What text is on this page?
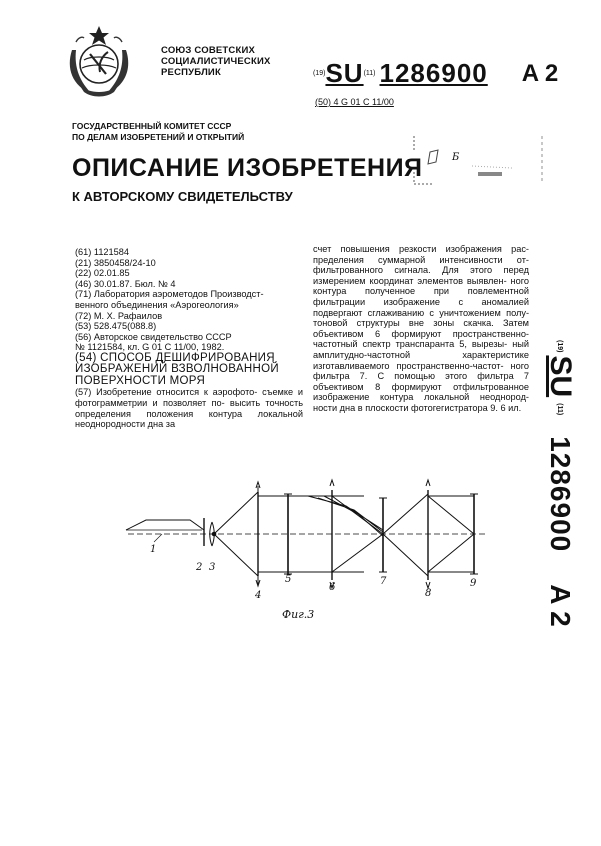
СОЮЗ СОВЕТСКИХ
СОЦИАЛИСТИЧЕСКИХ
РЕСПУБЛИК	(19)SU(11) 1286900 A 2
(50) 4 G 01 C 11/00
ГОСУДАРСТВЕННЫЙ КОМИТЕТ СССР
ПО ДЕЛАМ ИЗОБРЕТЕНИЙ И ОТКРЫТИЙ
Б
ОПИСАНИЕ ИЗОБРЕТЕНИЯ
К АВТОРСКОМУ СВИДЕТЕЛЬСТВУ
(61) 1121584
(21) 3850458/24-10
(22) 02.01.85
(46) 30.01.87. Бюл. № 4
(71) Лаборатория аэрометодов Производст-
венного объединения «Аэрогеология»
(72) М. Х. Рафаилов
(53) 528.475(088.8)
(56) Авторское свидетельство СССР
№ 1121584, кл. G 01 C 11/00, 1982.
(54) СПОСОБ ДЕШИФРИРОВАНИЯ
ИЗОБРАЖЕНИЙ ВЗВОЛНОВАННОЙ
ПОВЕРХНОСТИ МОРЯ
(57) Изобретение относится к аэрофото- съемке и фотограмметрии и позволяет по- высить точность определения положения контура локальной неоднородности дна за
счет повышения резкости изображения рас- пределения суммарной интенсивности от- фильтрованного сигнала. Для этого перед измерением координат элементов выявлен- ного контура полученное при повлементной фильтрации изображение с аномалией подвергают сглаживанию с уничтожением полу- тоновой структуры вне зоны скачка. Затем объективом 6 формируют пространственно- частотный спектр транспаранта 5, вырезы- ный амплитудно-частотной характеристике изготавливаемого пространственно-частот- ного фильтра 7. С помощью этого фильтра 7 объективом 8 формируют отфильтрованное изображение контура локальной неоднород- ности дна в плоскости фотогегистратора 9. 6 ил.
(19)
SU
(11)
1286900
A 2
1
2 3
4
5
6
7
8
9
Фиг.3
